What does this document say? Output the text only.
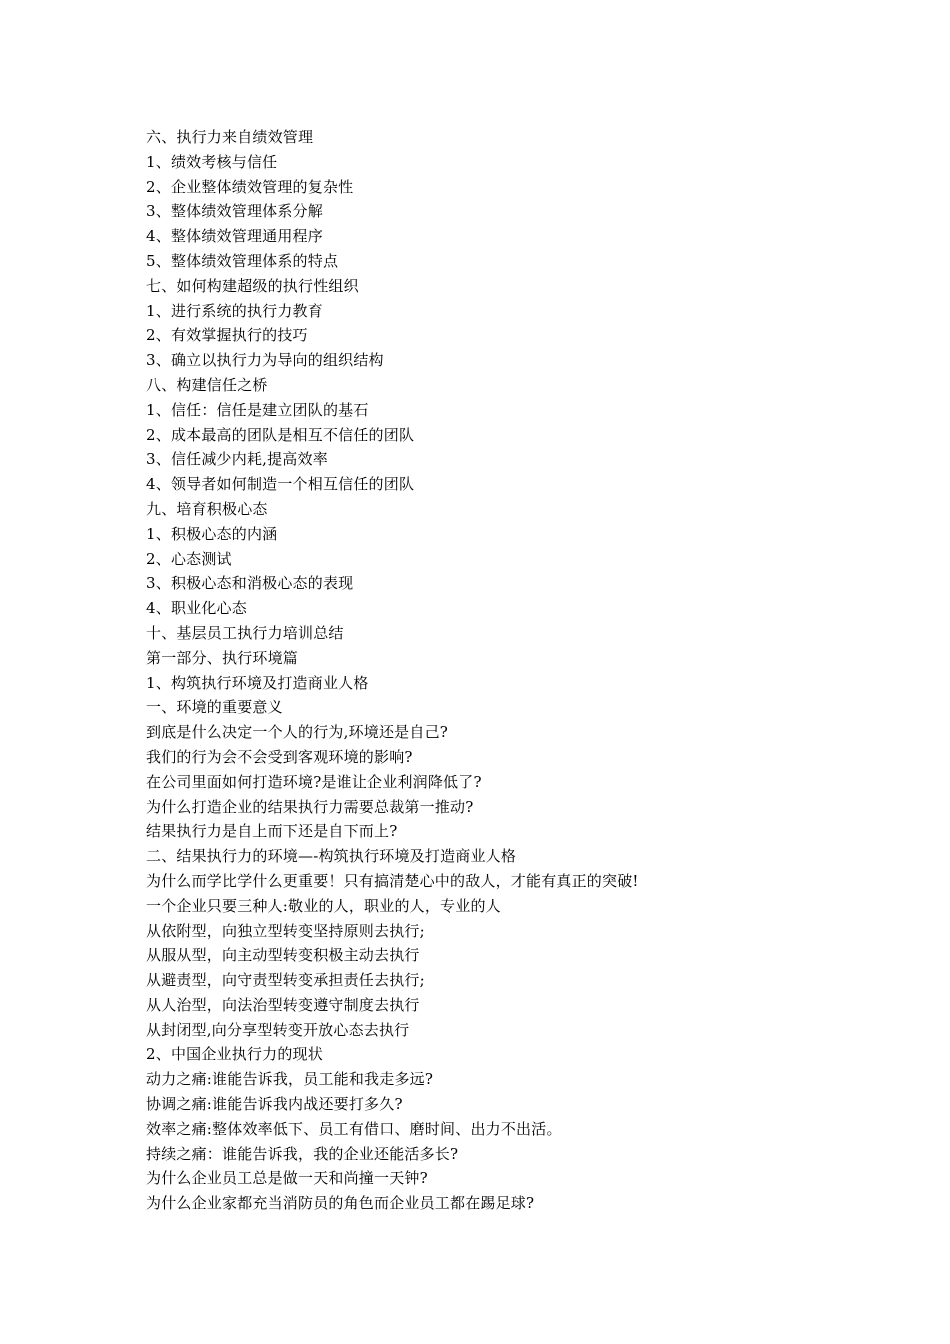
六、执行力来自绩效管理
1、绩效考核与信任
2、企业整体绩效管理的复杂性
3、整体绩效管理体系分解
4、整体绩效管理通用程序
5、整体绩效管理体系的特点
七、如何构建超级的执行性组织
1、进行系统的执行力教育
2、有效掌握执行的技巧
3、确立以执行力为导向的组织结构
八、构建信任之桥
1、信任：信任是建立团队的基石
2、成本最高的团队是相互不信任的团队
3、信任减少内耗,提高效率
4、领导者如何制造一个相互信任的团队
九、培育积极心态
1、积极心态的内涵
2、心态测试
3、积极心态和消极心态的表现
4、职业化心态
十、基层员工执行力培训总结
第一部分、执行环境篇
1、构筑执行环境及打造商业人格
一、环境的重要意义
到底是什么决定一个人的行为,环境还是自己?
我们的行为会不会受到客观环境的影响?
在公司里面如何打造环境?是谁让企业利润降低了?
为什么打造企业的结果执行力需要总裁第一推动?
结果执行力是自上而下还是自下而上?
二、结果执行力的环境—-构筑执行环境及打造商业人格
为什么而学比学什么更重要！只有搞清楚心中的敌人，才能有真正的突破!
一个企业只要三种人:敬业的人，职业的人，专业的人
从依附型，向独立型转变坚持原则去执行;
从服从型，向主动型转变积极主动去执行
从避责型，向守责型转变承担责任去执行;
从人治型，向法治型转变遵守制度去执行
从封闭型,向分享型转变开放心态去执行
2、中国企业执行力的现状
动力之痛:谁能告诉我，员工能和我走多远?
协调之痛:谁能告诉我内战还要打多久?
效率之痛:整体效率低下、员工有借口、磨时间、出力不出活。
持续之痛：谁能告诉我，我的企业还能活多长?
为什么企业员工总是做一天和尚撞一天钟?
为什么企业家都充当消防员的角色而企业员工都在踢足球?
